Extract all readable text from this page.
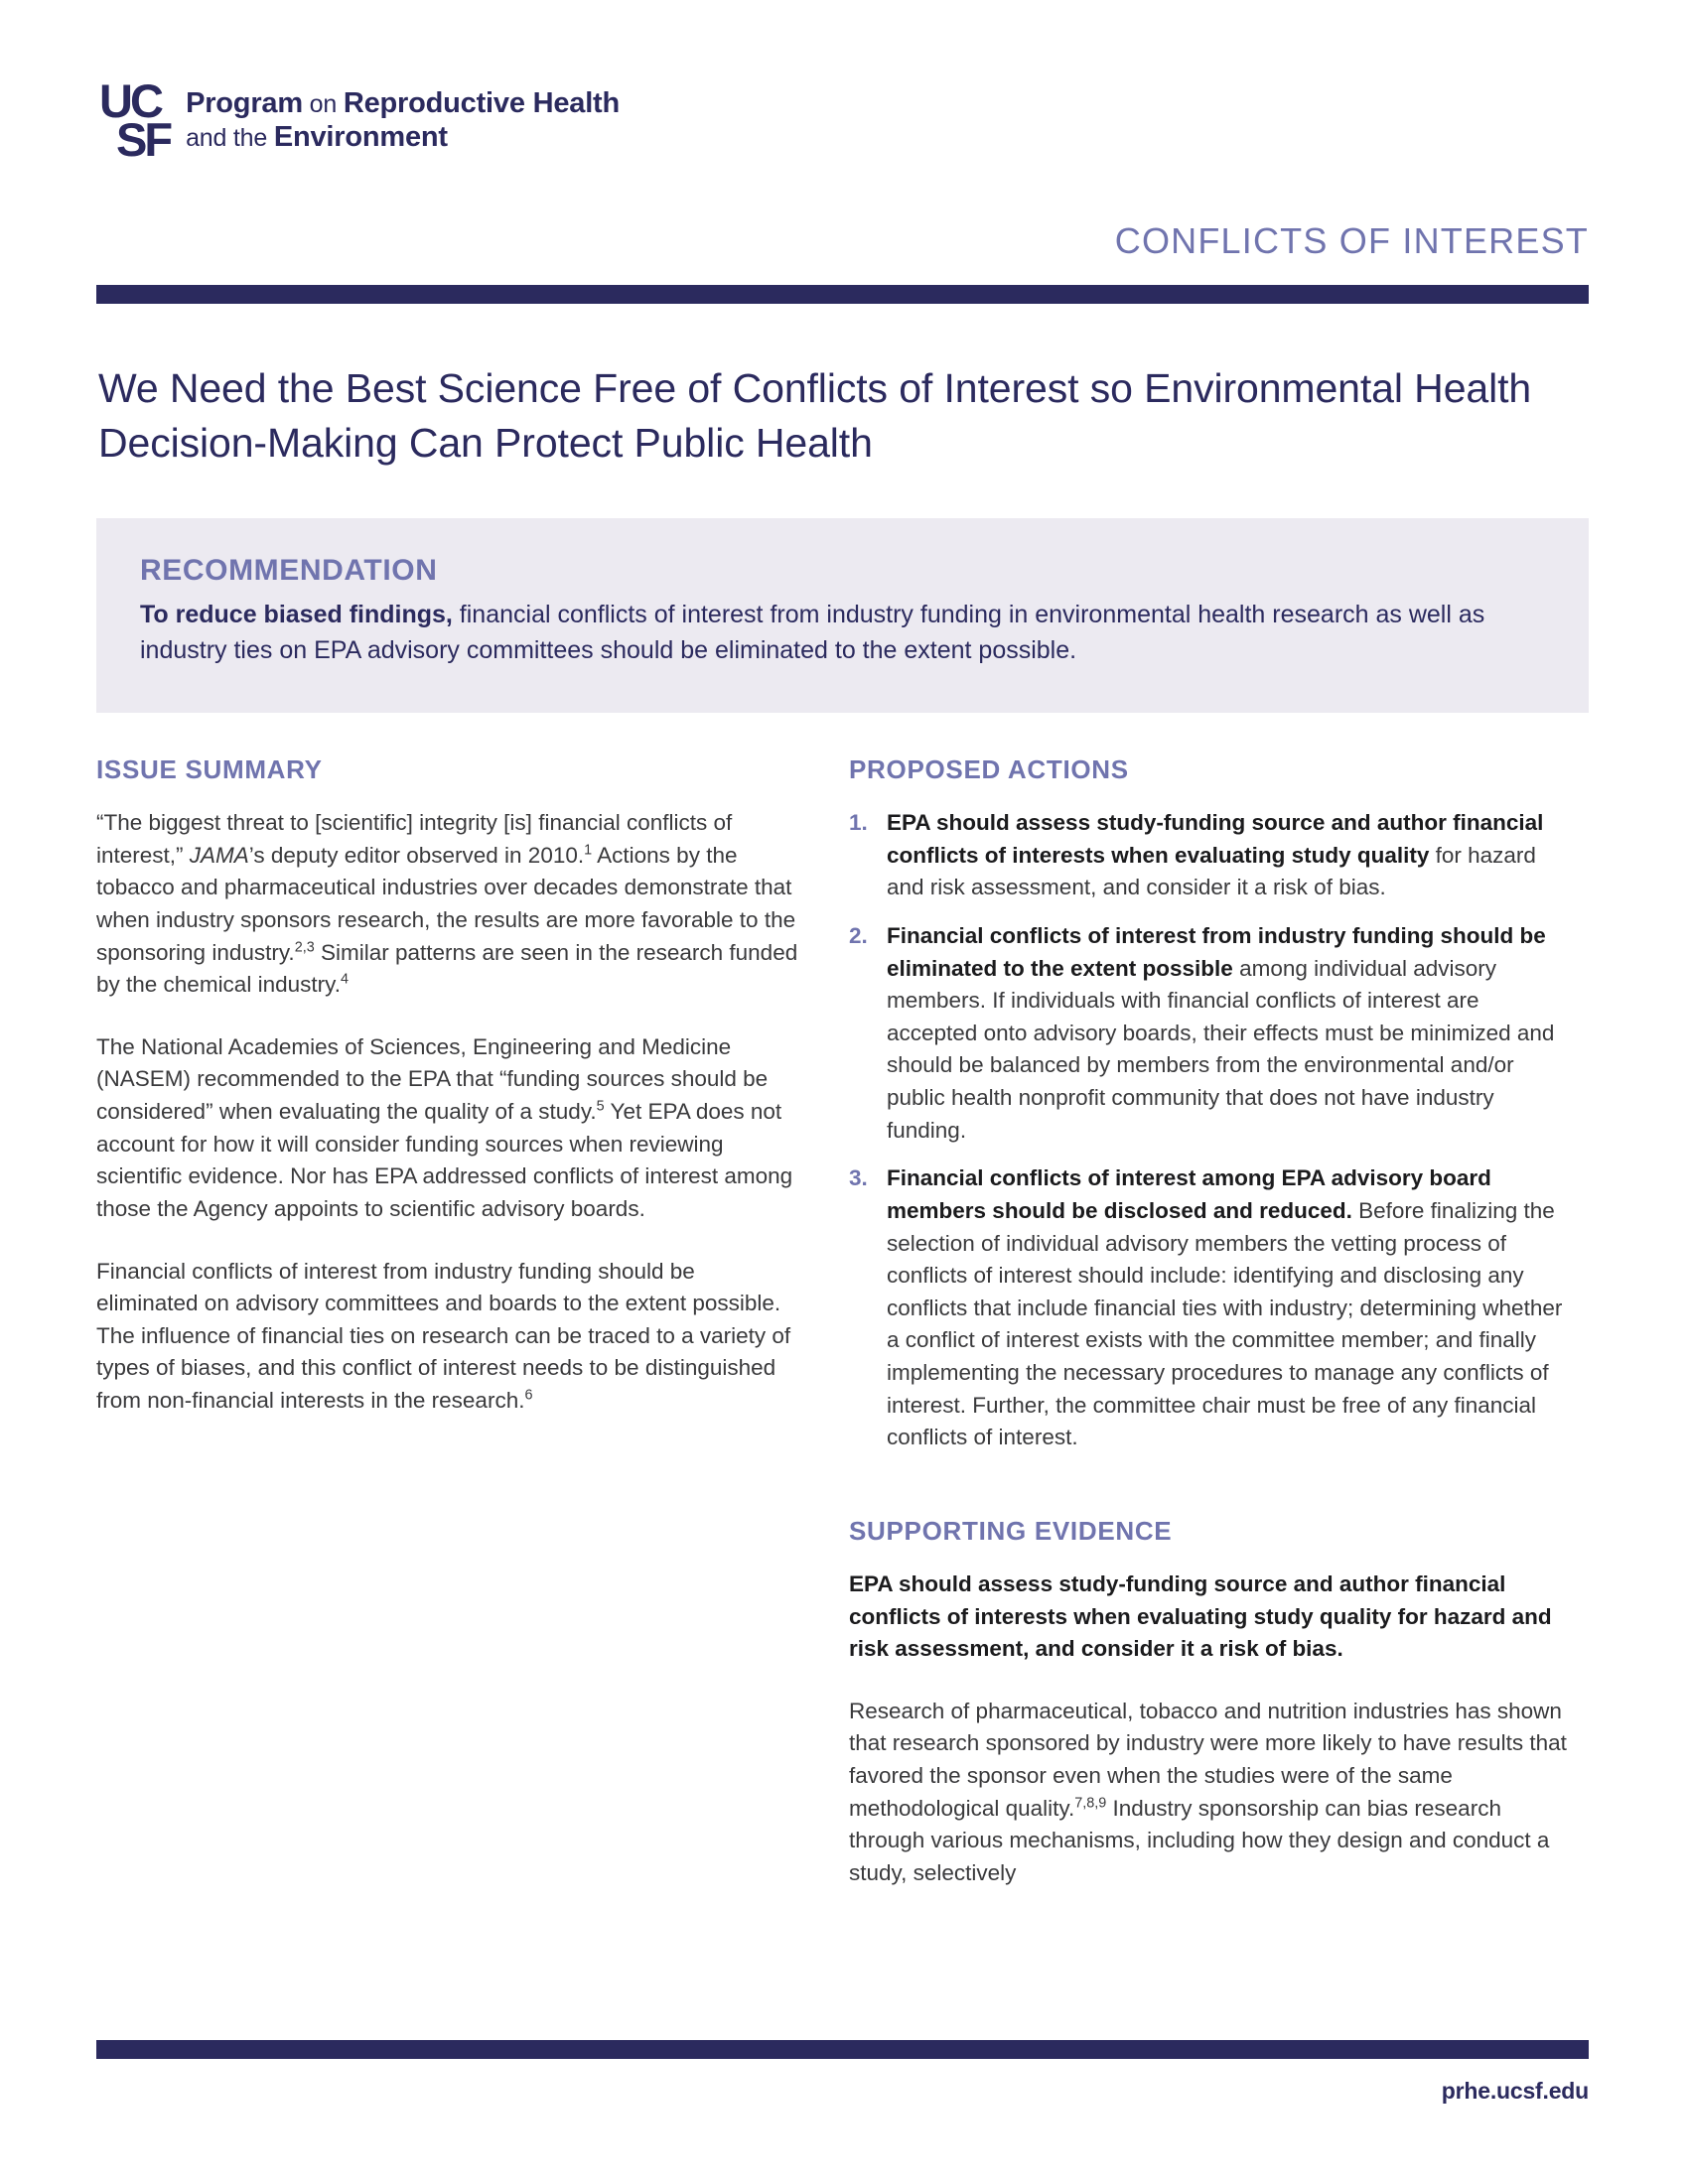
UC
SF
Program on Reproductive Health
and the Environment
CONFLICTS OF INTEREST
We Need the Best Science Free of Conflicts of Interest so Environmental Health Decision-Making Can Protect Public Health
RECOMMENDATION

To reduce biased findings, financial conflicts of interest from industry funding in environmental health research as well as industry ties on EPA advisory committees should be eliminated to the extent possible.

ISSUE SUMMARY

“The biggest threat to [scientific] integrity [is] financial conflicts of interest,” JAMA’s deputy editor observed in 2010.$^1$ Actions by the tobacco and pharmaceutical industries over decades demonstrate that when industry sponsors research, the results are more favorable to the sponsoring industry.$^{2,3}$ Similar patterns are seen in the research funded by the chemical industry.$^4$

The National Academies of Sciences, Engineering and Medicine (NASEM) recommended to the EPA that “funding sources should be considered” when evaluating the quality of a study.$^5$ Yet EPA does not account for how it will consider funding sources when reviewing scientific evidence. Nor has EPA addressed conflicts of interest among those the Agency appoints to scientific advisory boards.

Financial conflicts of interest from industry funding should be eliminated on advisory committees and boards to the extent possible. The influence of financial ties on research can be traced to a variety of types of biases, and this conflict of interest needs to be distinguished from non-financial interests in the research.$^6$

PROPOSED ACTIONS
1. EPA should assess study-funding source and author financial conflicts of interests when evaluating study quality for hazard and risk assessment, and consider it a risk of bias.
2. Financial conflicts of interest from industry funding should be eliminated to the extent possible among individual advisory members. If individuals with financial conflicts of interest are accepted onto advisory boards, their effects must be minimized and should be balanced by members from the environmental and/or public health nonprofit community that does not have industry funding.
3. Financial conflicts of interest among EPA advisory board members should be disclosed and reduced. Before finalizing the selection of individual advisory members the vetting process of conflicts of interest should include: identifying and disclosing any conflicts that include financial ties with industry; determining whether a conflict of interest exists with the committee member; and finally implementing the necessary procedures to manage any conflicts of interest. Further, the committee chair must be free of any financial conflicts of interest.
SUPPORTING EVIDENCE

EPA should assess study-funding source and author financial conflicts of interests when evaluating study quality for hazard and risk assessment, and consider it a risk of bias.

Research of pharmaceutical, tobacco and nutrition industries has shown that research sponsored by industry were more likely to have results that favored the sponsor even when the studies were of the same methodological quality.$^{7,8,9}$ Industry sponsorship can bias research through various mechanisms, including how they design and conduct a study, selectively

prhe.ucsf.edu
